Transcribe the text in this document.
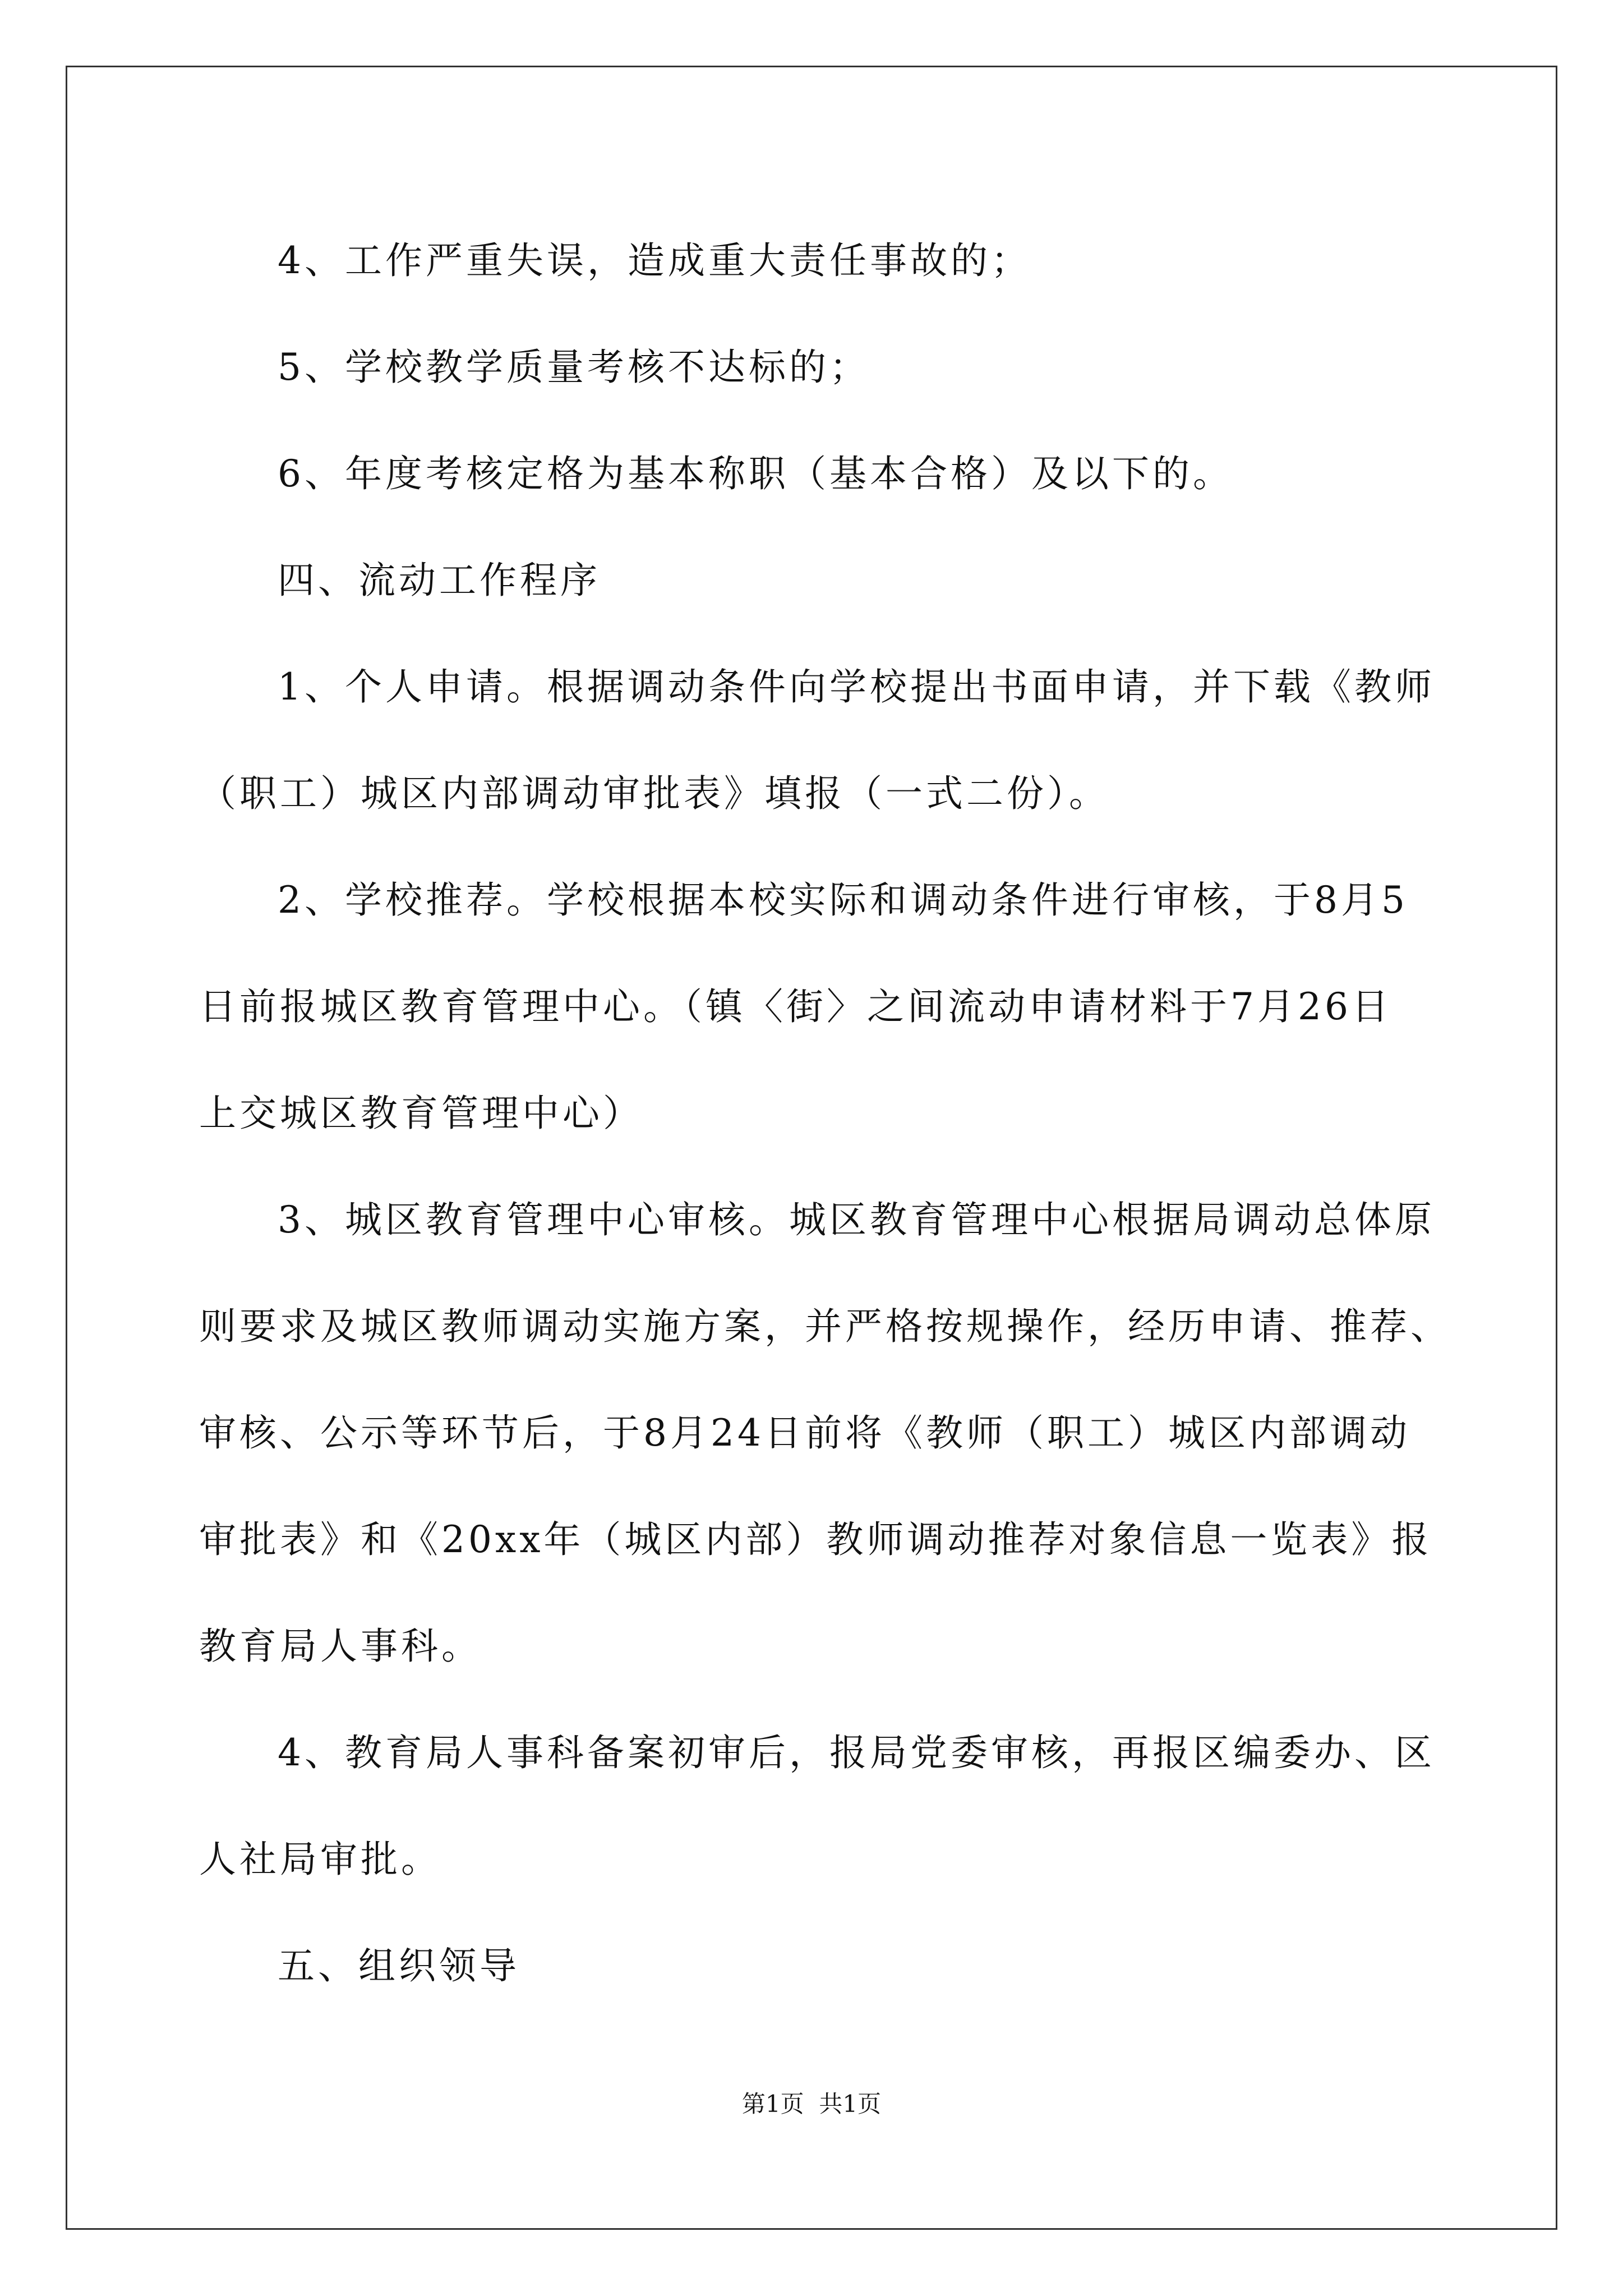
4、工作严重失误，造成重大责任事故的；
5、学校教学质量考核不达标的；
6、年度考核定格为基本称职（基本合格）及以下的。
四、流动工作程序
1、个人申请。根据调动条件向学校提出书面申请，并下载《教师
（职工）城区内部调动审批表》填报（一式二份）。
2、学校推荐。学校根据本校实际和调动条件进行审核，于8月5
日前报城区教育管理中心。（镇〈街〉之间流动申请材料于7月26日
上交城区教育管理中心）
3、城区教育管理中心审核。城区教育管理中心根据局调动总体原
则要求及城区教师调动实施方案，并严格按规操作，经历申请、推荐、
审核、公示等环节后，于8月24日前将《教师（职工）城区内部调动
审批表》和《20xx年（城区内部）教师调动推荐对象信息一览表》报
教育局人事科。
4、教育局人事科备案初审后，报局党委审核，再报区编委办、区
人社局审批。
五、组织领导
第1页  共1页
